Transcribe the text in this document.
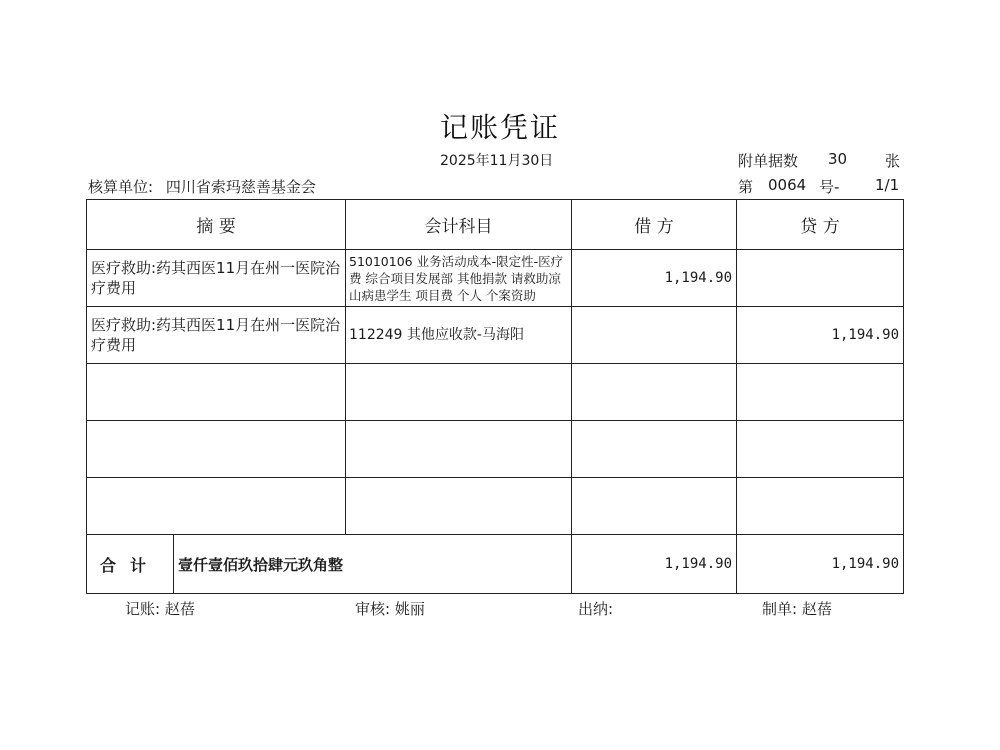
记账凭证
2025年11月30日	附单据数 30	张
核算单位: 四川省索玛慈善基金会	第 0064 号- 1/1
摘 要		会计科目	借 方	贷 方
医疗救助:药其西医11月在州一医院治疗费用		51010106 业务活动成本-限定性-医疗费 综合项目发展部 其他捐款 请救助凉山病患学生 项目费 个人 个案资助	1,194.90	
医疗救助:药其西医11月在州一医院治疗费用		112249 其他应收款-马海阳		1,194.90

合计	壹仟壹佰玖拾肆元玖角整		1,194.90	1,194.90
记账: 赵蓓	审核: 姚丽	出纳:	制单: 赵蓓
